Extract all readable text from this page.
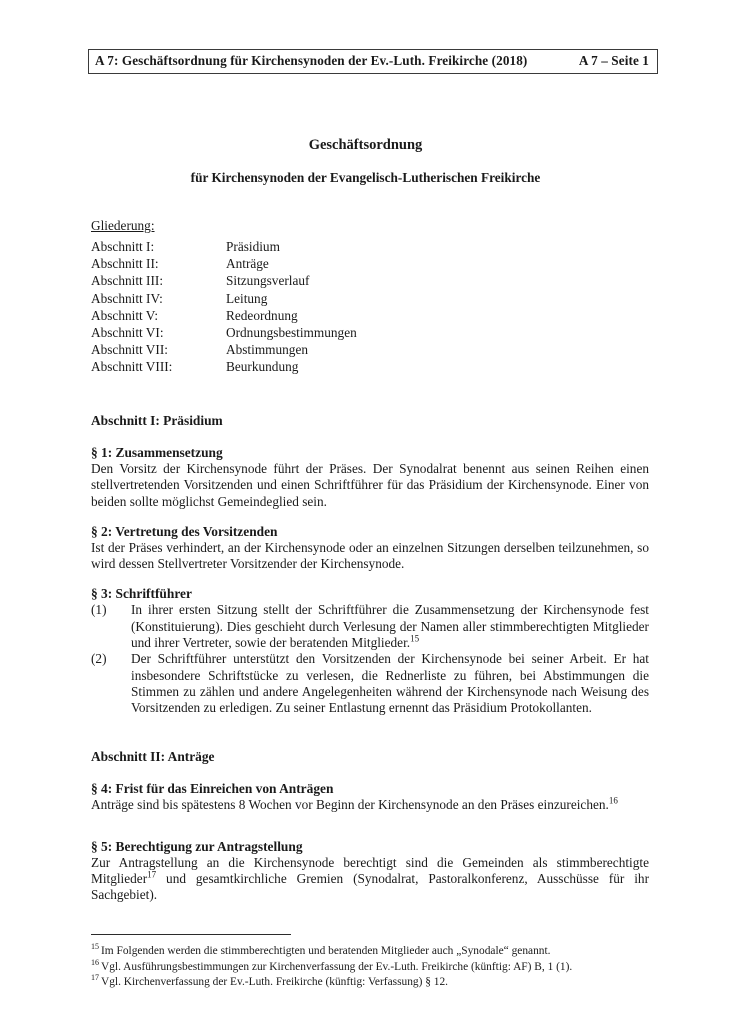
A 7: Geschäftsordnung für Kirchensynoden der Ev.-Luth. Freikirche (2018)	A 7 – Seite 1
Geschäftsordnung
für Kirchensynoden der Evangelisch-Lutherischen Freikirche
Gliederung:
Abschnitt I:	Präsidium
Abschnitt II:	Anträge
Abschnitt III:	Sitzungsverlauf
Abschnitt IV:	Leitung
Abschnitt V:	Redeordnung
Abschnitt VI:	Ordnungsbestimmungen
Abschnitt VII:	Abstimmungen
Abschnitt VIII:	Beurkundung
Abschnitt I: Präsidium
§ 1: Zusammensetzung

Den Vorsitz der Kirchensynode führt der Präses. Der Synodalrat benennt aus seinen Reihen einen stellvertretenden Vorsitzenden und einen Schriftführer für das Präsidium der Kirchensynode. Einer von beiden sollte möglichst Gemeindeglied sein.

§ 2: Vertretung des Vorsitzenden

Ist der Präses verhindert, an der Kirchensynode oder an einzelnen Sitzungen derselben teilzunehmen, so wird dessen Stellvertreter Vorsitzender der Kirchensynode.

§ 3: Schriftführer
(1)	In ihrer ersten Sitzung stellt der Schriftführer die Zusammensetzung der Kirchensynode fest (Konstituierung). Dies geschieht durch Verlesung der Namen aller stimmberechtigten Mitglieder und ihrer Vertreter, sowie der beratenden Mitglieder.$^{15}$
(2)	Der Schriftführer unterstützt den Vorsitzenden der Kirchensynode bei seiner Arbeit. Er hat insbesondere Schriftstücke zu verlesen, die Rednerliste zu führen, bei Abstimmungen die Stimmen zu zählen und andere Angelegenheiten während der Kirchensynode nach Weisung des Vorsitzenden zu erledigen. Zu seiner Entlastung ernennt das Präsidium Protokollanten.
Abschnitt II: Anträge
§ 4: Frist für das Einreichen von Anträgen

Anträge sind bis spätestens 8 Wochen vor Beginn der Kirchensynode an den Präses einzureichen.$^{16}$

§ 5: Berechtigung zur Antragstellung

Zur Antragstellung an die Kirchensynode berechtigt sind die Gemeinden als stimmberechtigte Mitglieder$^{17}$ und gesamtkirchliche Gremien (Synodalrat, Pastoralkonferenz, Ausschüsse für ihr Sachgebiet).

$^{15}$ Im Folgenden werden die stimmberechtigten und beratenden Mitglieder auch „Synodale“ genannt.
$^{16}$ Vgl. Ausführungsbestimmungen zur Kirchenverfassung der Ev.-Luth. Freikirche (künftig: AF) B, 1 (1).
$^{17}$ Vgl. Kirchenverfassung der Ev.-Luth. Freikirche (künftig: Verfassung) § 12.
